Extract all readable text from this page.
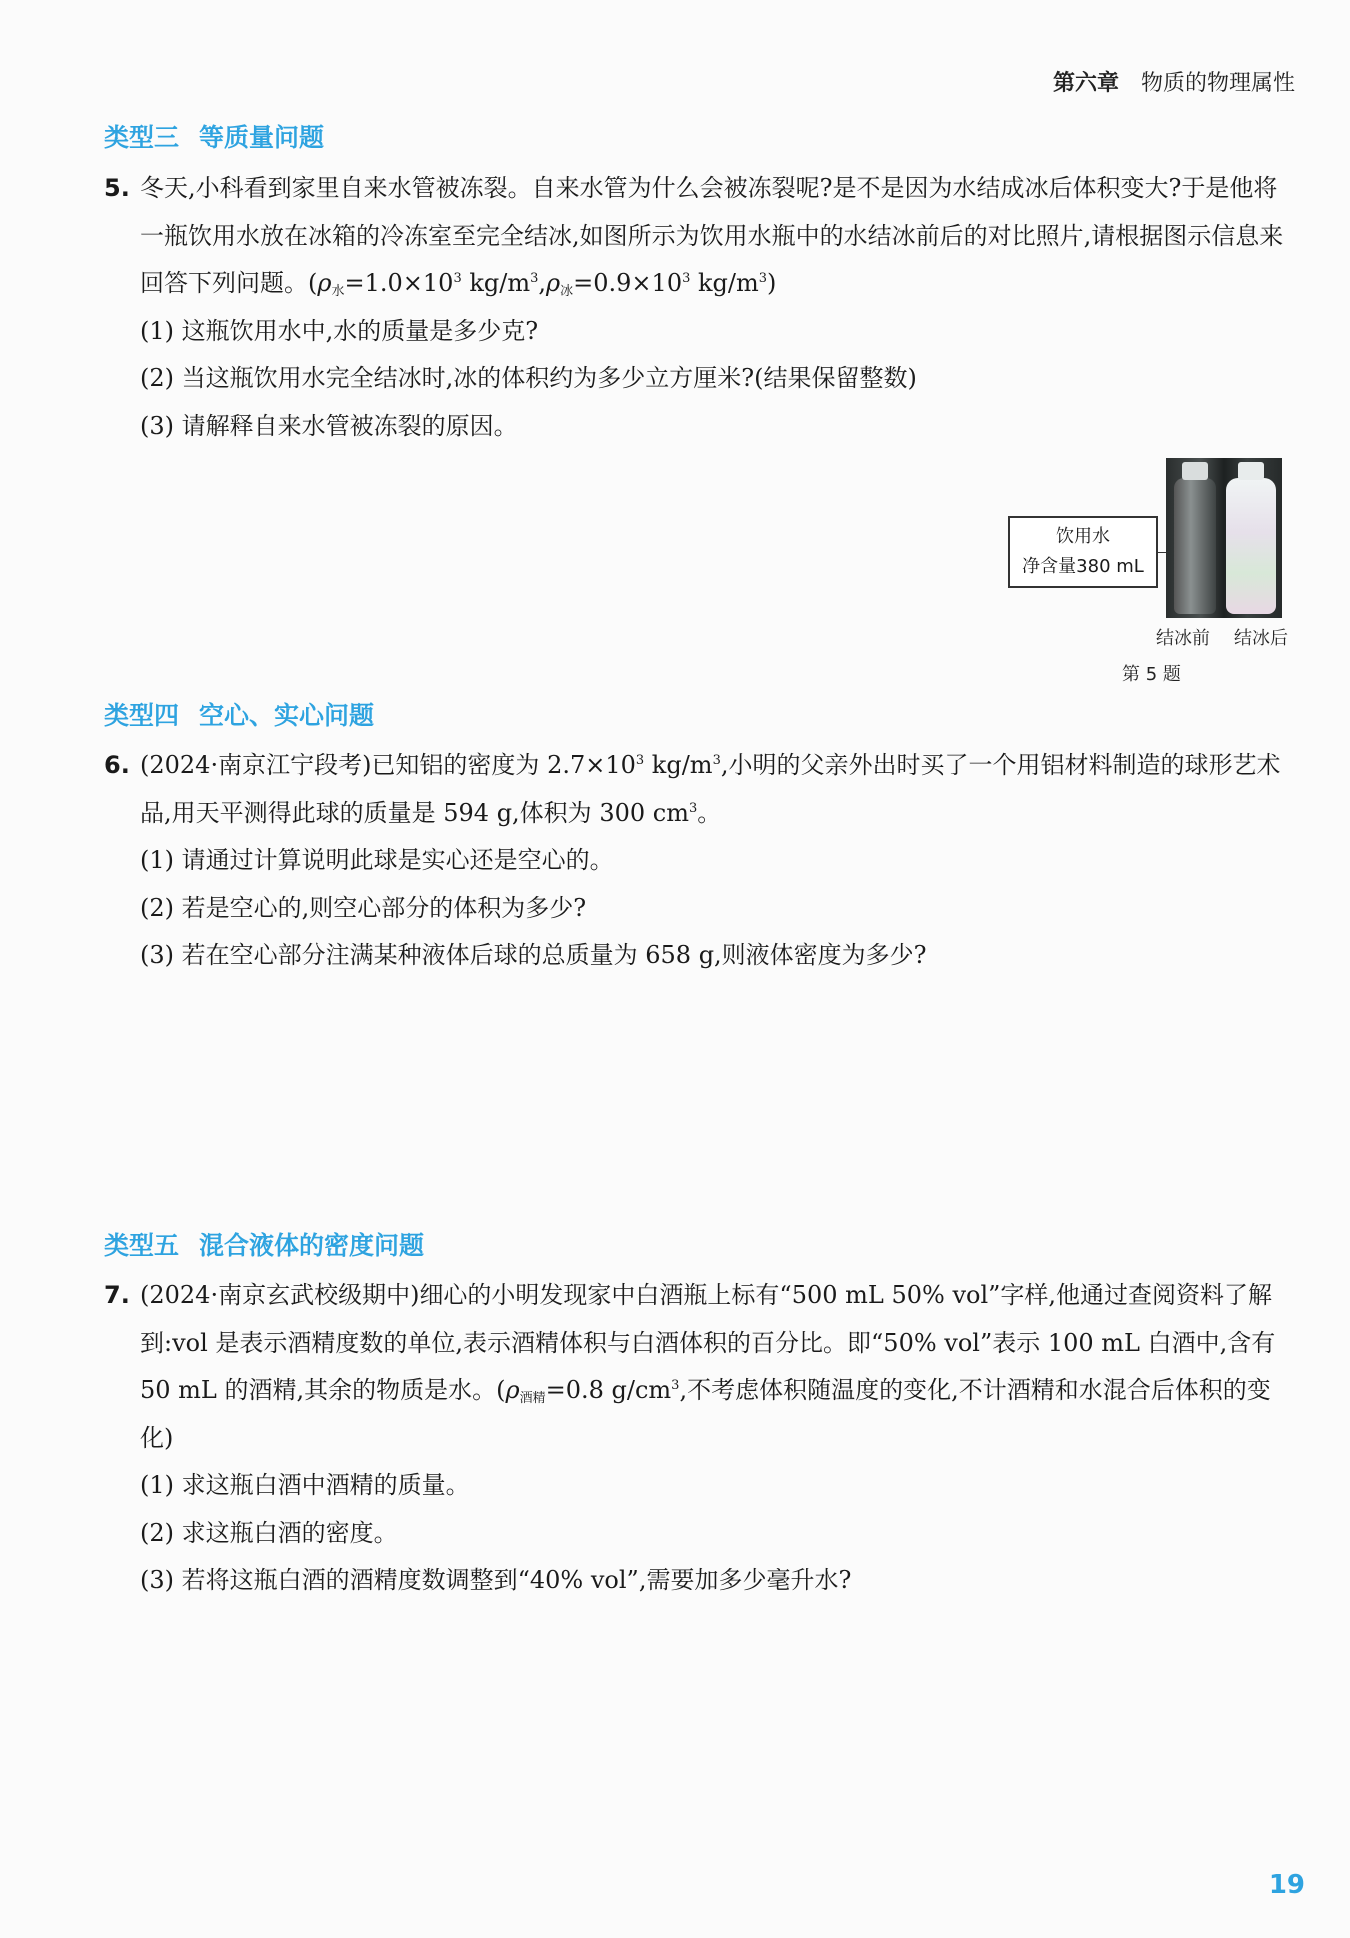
第六章 物质的物理属性
类型三 等质量问题
5. 冬天,小科看到家里自来水管被冻裂。自来水管为什么会被冻裂呢?是不是因为水结成冰后体积变大?于是他将一瓶饮用水放在冰箱的冷冻室至完全结冰,如图所示为饮用水瓶中的水结冰前后的对比照片,请根据图示信息来回答下列问题。($\rho_水=1.0\times 10^3$ $kg/m^3,\rho_冰=0.9\times 10^3$ $kg/m^3$)
(1) 这瓶饮用水中,水的质量是多少克?
(2) 当这瓶饮用水完全结冰时,冰的体积约为多少立方厘米?(结果保留整数)
(3) 请解释自来水管被冻裂的原因。
饮用水
净含量380 mL
结冰前 结冰后
第 5 题
类型四 空心、实心问题
6. (2024·南京江宁段考)已知铝的密度为 $2.7\times 10^3$ $kg/m^3$,小明的父亲外出时买了一个用铝材料制造的球形艺术品,用天平测得此球的质量是 594 g,体积为 300 $cm^3$。
(1) 请通过计算说明此球是实心还是空心的。
(2) 若是空心的,则空心部分的体积为多少?
(3) 若在空心部分注满某种液体后球的总质量为 658 g,则液体密度为多少?
类型五 混合液体的密度问题
7. (2024·南京玄武校级期中)细心的小明发现家中白酒瓶上标有“500 mL 50% vol”字样,他通过查阅资料了解到:vol 是表示酒精度数的单位,表示酒精体积与白酒体积的百分比。即“50% vol”表示 100 mL 白酒中,含有 50 mL 的酒精,其余的物质是水。($\rho_{酒精}=0.8$ $g/cm^3$,不考虑体积随温度的变化,不计酒精和水混合后体积的变化)
(1) 求这瓶白酒中酒精的质量。
(2) 求这瓶白酒的密度。
(3) 若将这瓶白酒的酒精度数调整到“40% vol”,需要加多少毫升水?
19
